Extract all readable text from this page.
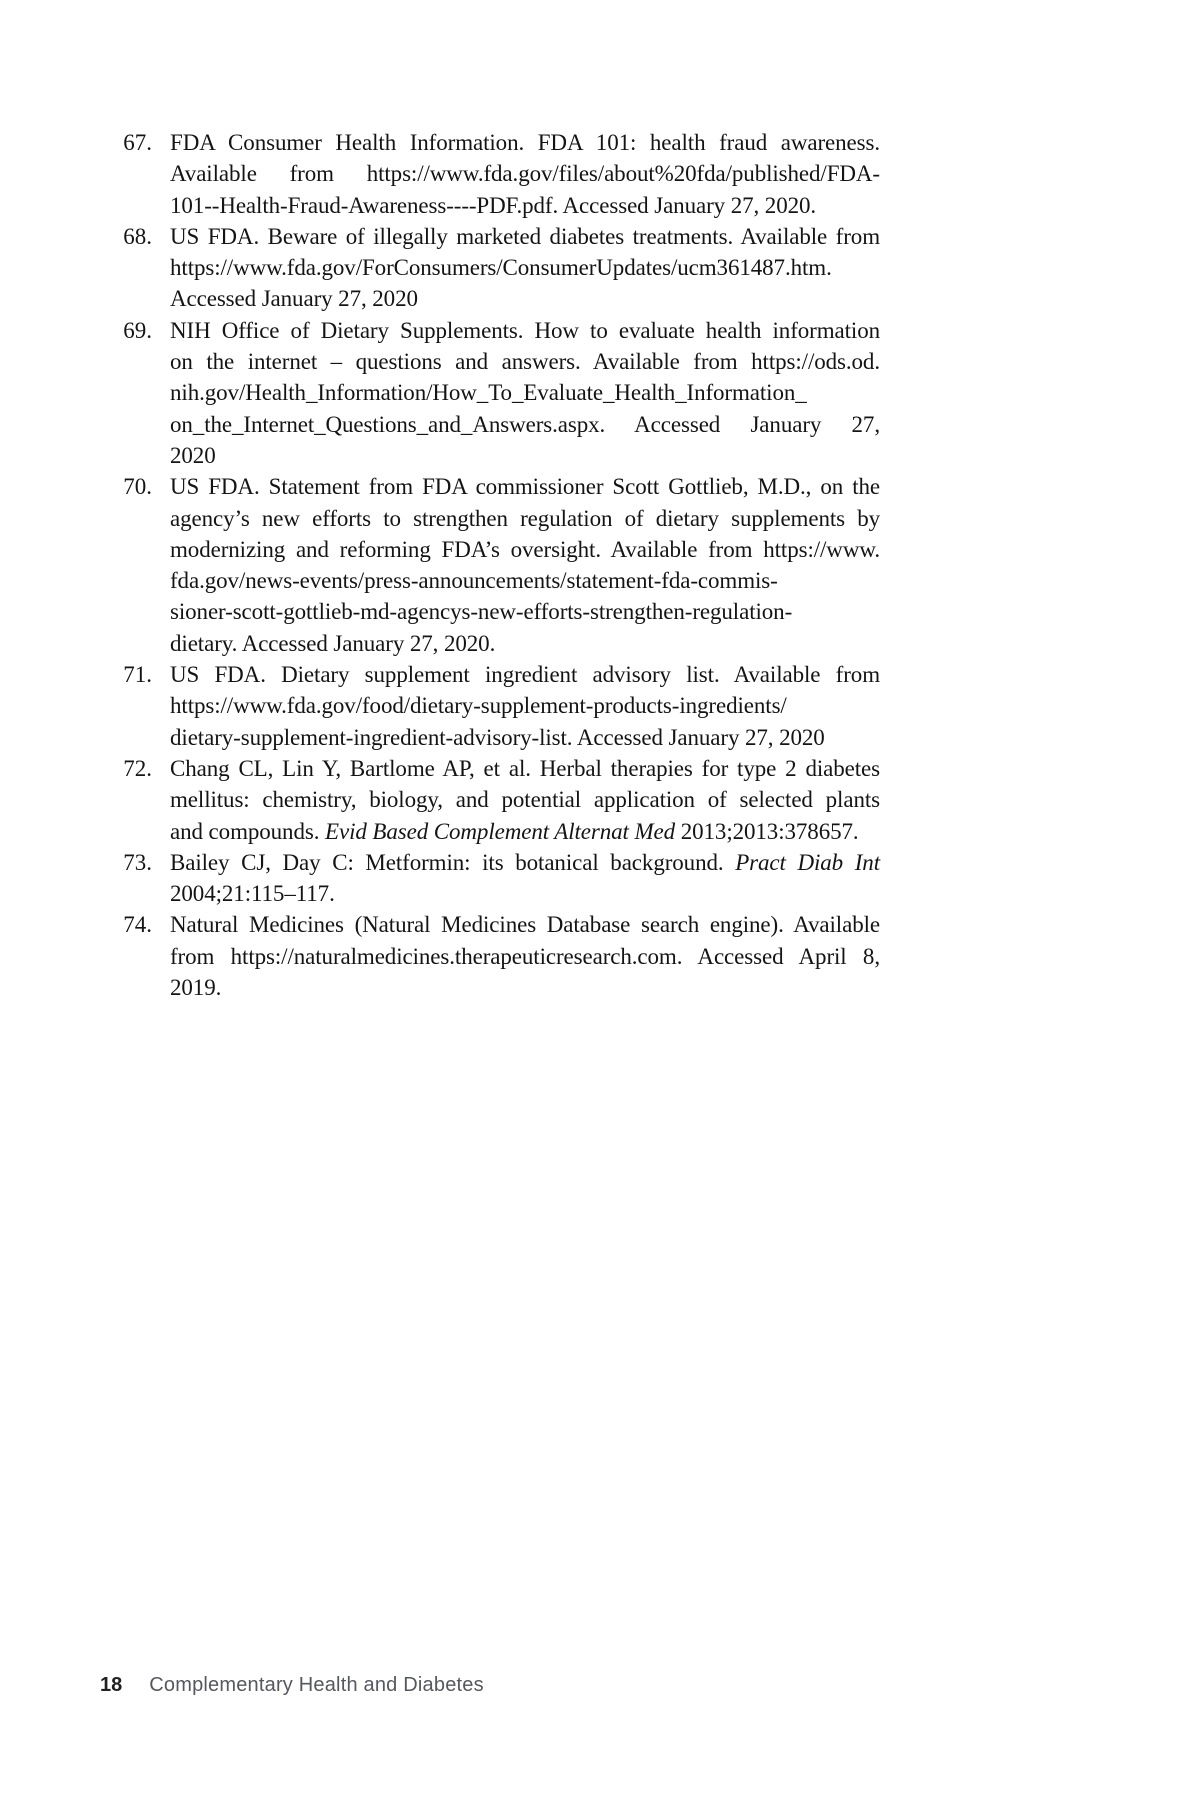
67. FDA Consumer Health Information. FDA 101: health fraud awareness.
Available from https://www.fda.gov/files/about%20fda/published/FDA-
101--Health-Fraud-Awareness----PDF.pdf. Accessed January 27, 2020.
68. US FDA. Beware of illegally marketed diabetes treatments. Available from
https://www.fda.gov/ForConsumers/ConsumerUpdates/ucm361487.htm.
Accessed January 27, 2020
69. NIH Office of Dietary Supplements. How to evaluate health information
on the internet – questions and answers. Available from https://ods.od.
nih.gov/Health_Information/How_To_Evaluate_Health_Information_
on_the_Internet_Questions_and_Answers.aspx. Accessed January 27,
2020
70. US FDA. Statement from FDA commissioner Scott Gottlieb, M.D., on the
agency’s new efforts to strengthen regulation of dietary supplements by
modernizing and reforming FDA’s oversight. Available from https://www.
fda.gov/news-events/press-announcements/statement-fda-commis-
sioner-scott-gottlieb-md-agencys-new-efforts-strengthen-regulation-
dietary. Accessed January 27, 2020.
71. US FDA. Dietary supplement ingredient advisory list. Available from
https://www.fda.gov/food/dietary-supplement-products-ingredients/
dietary-supplement-ingredient-advisory-list. Accessed January 27, 2020
72. Chang CL, Lin Y, Bartlome AP, et al. Herbal therapies for type 2 diabetes
mellitus: chemistry, biology, and potential application of selected plants
and compounds. Evid Based Complement Alternat Med 2013;2013:378657.
73. Bailey CJ, Day C: Metformin: its botanical background. Pract Diab Int
2004;21:115–117.
74. Natural Medicines (Natural Medicines Database search engine). Available
from https://naturalmedicines.therapeuticresearch.com. Accessed April 8,
2019.
18 Complementary Health and Diabetes
